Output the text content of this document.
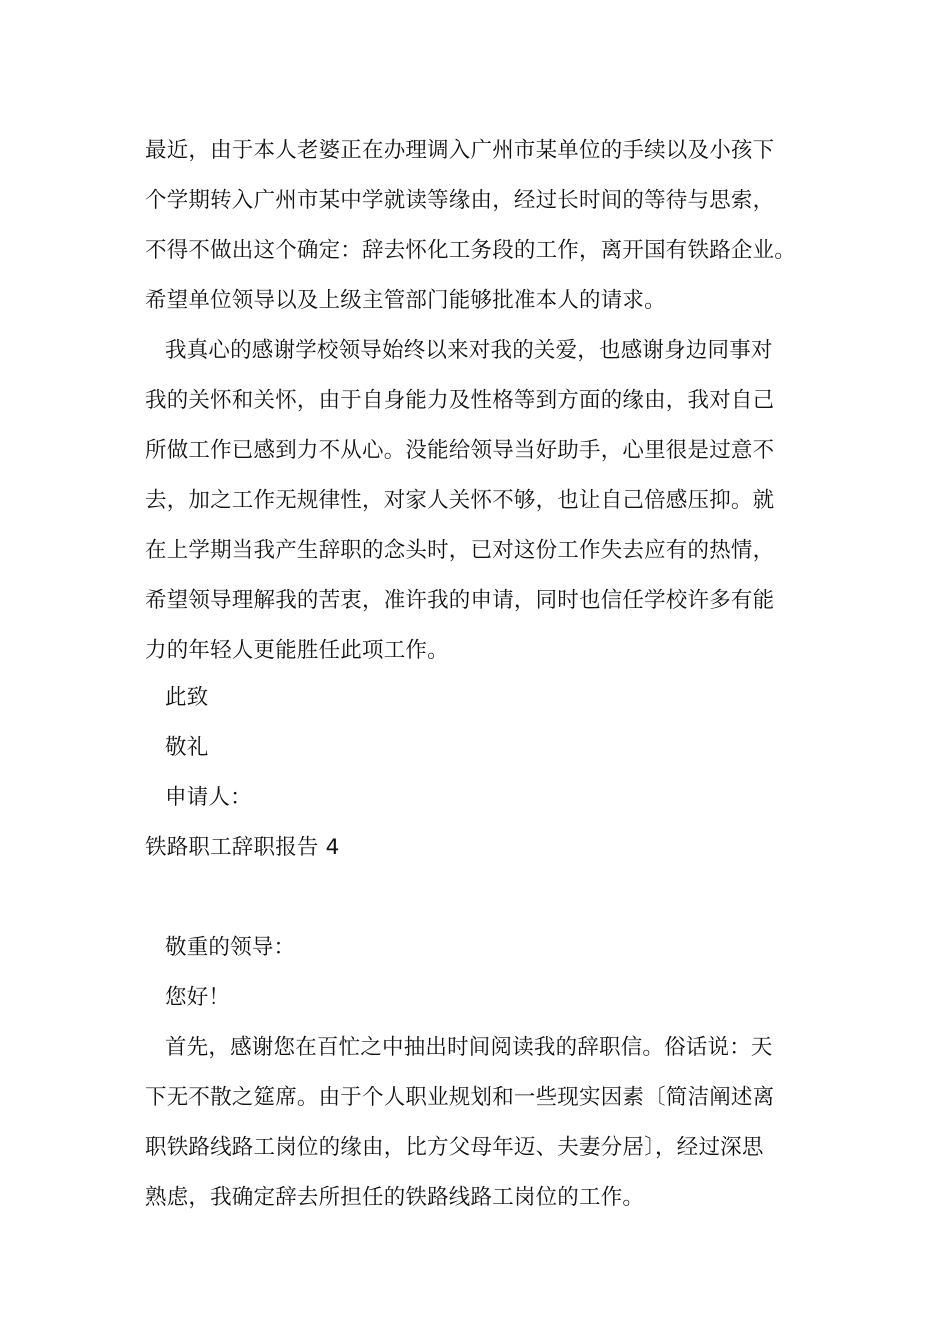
最近，由于本人老婆正在办理调入广州市某单位的手续以及小孩下
个学期转入广州市某中学就读等缘由，经过长时间的等待与思索，
不得不做出这个确定：辞去怀化工务段的工作，离开国有铁路企业。
希望单位领导以及上级主管部门能够批准本人的请求。
我真心的感谢学校领导始终以来对我的关爱，也感谢身边同事对
我的关怀和关怀，由于自身能力及性格等到方面的缘由，我对自己
所做工作已感到力不从心。没能给领导当好助手，心里很是过意不
去，加之工作无规律性，对家人关怀不够，也让自己倍感压抑。就
在上学期当我产生辞职的念头时，已对这份工作失去应有的热情，
希望领导理解我的苦衷，准许我的申请，同时也信任学校许多有能
力的年轻人更能胜任此项工作。
此致
敬礼
申请人：
铁路职工辞职报告 4
敬重的领导：
您好！
首先，感谢您在百忙之中抽出时间阅读我的辞职信。俗话说：天
下无不散之筵席。由于个人职业规划和一些现实因素〔简洁阐述离
职铁路线路工岗位的缘由，比方父母年迈、夫妻分居〕，经过深思
熟虑，我确定辞去所担任的铁路线路工岗位的工作。
